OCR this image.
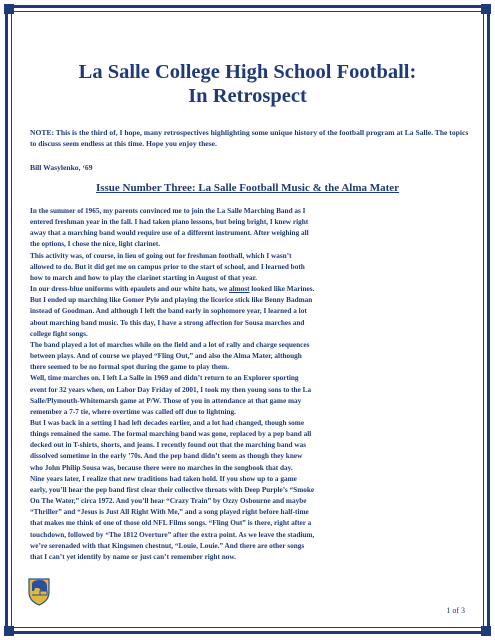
La Salle College High School Football:
In Retrospect

NOTE: This is the third of, I hope, many retrospectives highlighting some unique history of the football program at La Salle. The topics to discuss seem endless at this time. Hope you enjoy these.

Bill Wasylenko, ‘69

Issue Number Three: La Salle Football Music & the Alma Mater
In the summer of 1965, my parents convinced me to join the La Salle Marching Band as I
entered freshman year in the fall. I had taken piano lessons, but being bright, I knew right
away that a marching band would require use of a different instrument. After weighing all
the options, I chose the nice, light clarinet.
This activity was, of course, in lieu of going out for freshman football, which I wasn’t
allowed to do. But it did get me on campus prior to the start of school, and I learned both
how to march and how to play the clarinet starting in August of that year.
In our dress-blue uniforms with epaulets and our white hats, we almost looked like Marines.
But I ended up marching like Gomer Pyle and playing the licorice stick like Benny Badman
instead of Goodman. And although I left the band early in sophomore year, I learned a lot
about marching band music. To this day, I have a strong affection for Sousa marches and
college fight songs.
The band played a lot of marches while on the field and a lot of rally and charge sequences
between plays. And of course we played “Fling Out,” and also the Alma Mater, although
there seemed to be no formal spot during the game to play them.
Well, time marches on. I left La Salle in 1969 and didn’t return to an Explorer sporting
event for 32 years when, on Labor Day Friday of 2001, I took my then young sons to the La
Salle/Plymouth-Whitemarsh game at P/W. Those of you in attendance at that game may
remember a 7-7 tie, where overtime was called off due to lightning.
But I was back in a setting I had left decades earlier, and a lot had changed, though some
things remained the same. The formal marching band was gone, replaced by a pep band all
decked out in T-shirts, shorts, and jeans. I recently found out that the marching band was
dissolved sometime in the early ’70s. And the pep band didn’t seem as though they knew
who John Philip Sousa was, because there were no marches in the songbook that day.
Nine years later, I realize that new traditions had taken hold. If you show up to a game
early, you’ll hear the pep band first clear their collective throats with Deep Purple’s “Smoke
On The Water,” circa 1972. And you’ll hear “Crazy Train” by Ozzy Osbourne and maybe
“Thriller” and “Jesus is Just All Right With Me,” and a song played right before half-time
that makes me think of one of those old NFL Films songs. “Fling Out” is there, right after a
touchdown, followed by “The 1812 Overture” after the extra point. As we leave the stadium,
we’re serenaded with that Kingsmen chestnut, “Louie, Louie.” And there are other songs
that I can’t yet identify by name or just can’t remember right now.

1 of 3
